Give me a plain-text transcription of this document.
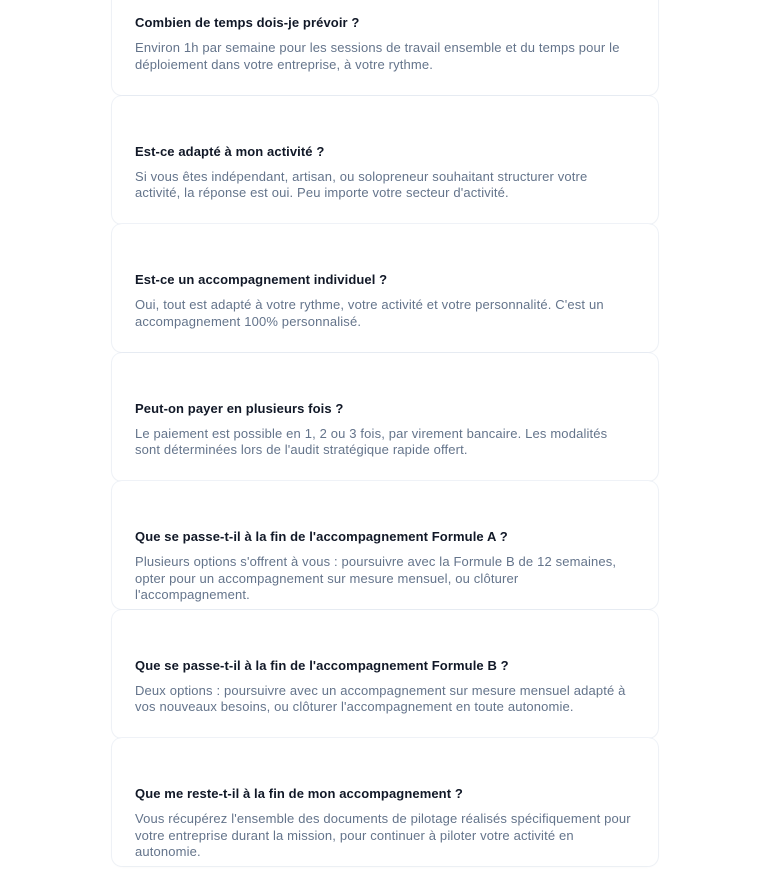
Combien de temps dois-je prévoir ?

Environ 1h par semaine pour les sessions de travail ensemble et du temps pour le déploiement dans votre entreprise, à votre rythme.

Est-ce adapté à mon activité ?

Si vous êtes indépendant, artisan, ou solopreneur souhaitant structurer votre activité, la réponse est oui. Peu importe votre secteur d'activité.

Est-ce un accompagnement individuel ?

Oui, tout est adapté à votre rythme, votre activité et votre personnalité. C'est un accompagnement 100% personnalisé.

Peut-on payer en plusieurs fois ?

Le paiement est possible en 1, 2 ou 3 fois, par virement bancaire. Les modalités sont déterminées lors de l'audit stratégique rapide offert.

Que se passe-t-il à la fin de l'accompagnement Formule A ?

Plusieurs options s'offrent à vous : poursuivre avec la Formule B de 12 semaines, opter pour un accompagnement sur mesure mensuel, ou clôturer l'accompagnement.

Que se passe-t-il à la fin de l'accompagnement Formule B ?

Deux options : poursuivre avec un accompagnement sur mesure mensuel adapté à vos nouveaux besoins, ou clôturer l'accompagnement en toute autonomie.

Que me reste-t-il à la fin de mon accompagnement ?

Vous récupérez l'ensemble des documents de pilotage réalisés spécifiquement pour votre entreprise durant la mission, pour continuer à piloter votre activité en autonomie.
